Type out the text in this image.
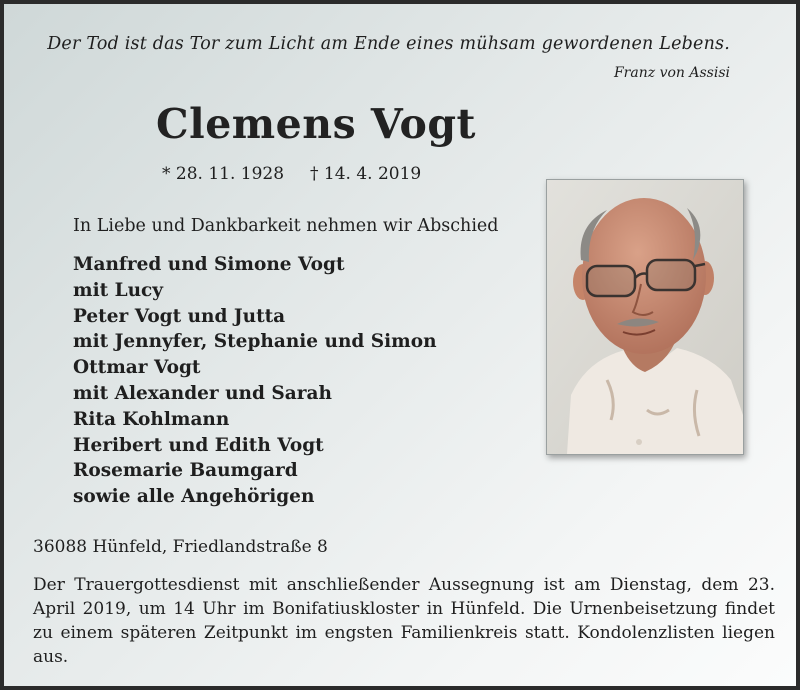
Der Tod ist das Tor zum Licht am Ende eines mühsam gewordenen Lebens.
Franz von Assisi
Clemens Vogt
* 28. 11. 1928 † 14. 4. 2019
In Liebe und Dankbarkeit nehmen wir Abschied
Manfred und Simone Vogt
mit Lucy
Peter Vogt und Jutta
mit Jennyfer, Stephanie und Simon
Ottmar Vogt
mit Alexander und Sarah
Rita Kohlmann
Heribert und Edith Vogt
Rosemarie Baumgard
sowie alle Angehörigen
36088 Hünfeld, Friedlandstraße 8

Der Trauergottesdienst mit anschließender Aussegnung ist am Dienstag, dem 23. April 2019, um 14 Uhr im Bonifatiuskloster in Hünfeld. Die Urnenbeisetzung findet zu einem späteren Zeitpunkt im engsten Familienkreis statt. Kondolenzlisten liegen aus.
